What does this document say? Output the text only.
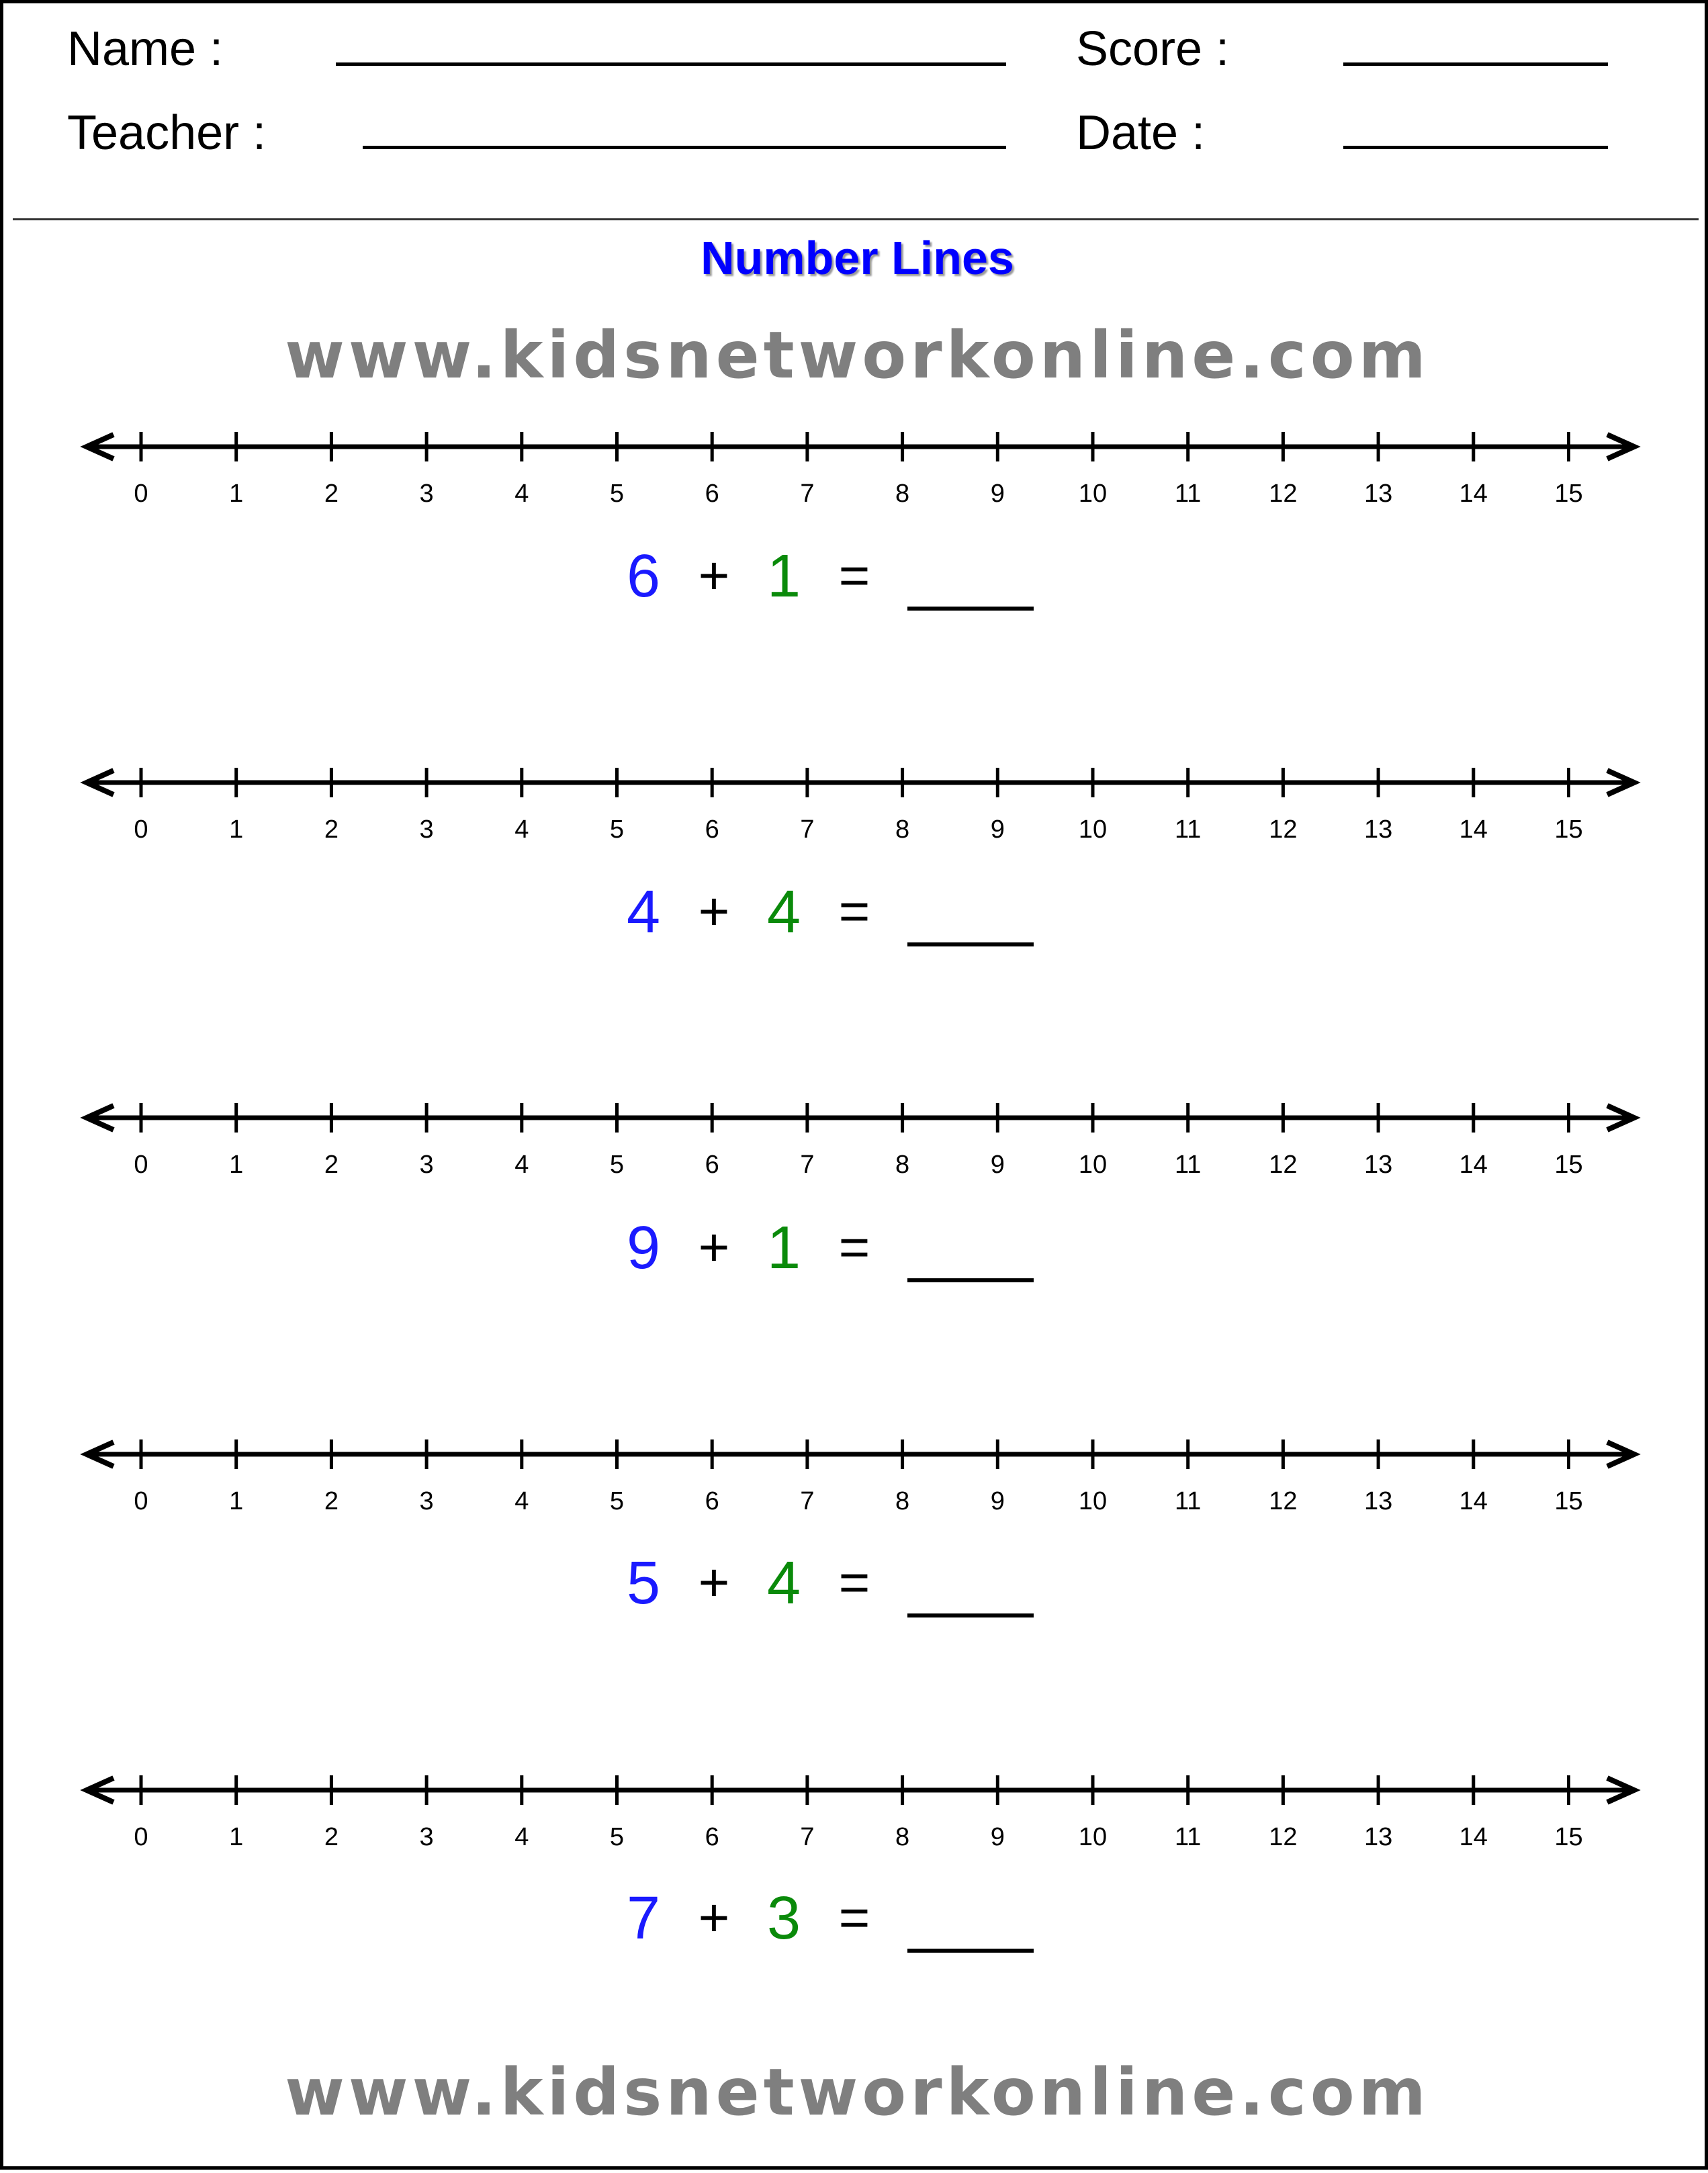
Name :	Score :
Teacher :	Date :
Number Lines
www.kidsnetworkonline.com
0	1	2	3	4	5	6	7	8	9	10	11	12	13	14	15
0	1	2	3	4	5	6	7	8	9	10	11	12	13	14	15
0	1	2	3	4	5	6	7	8	9	10	11	12	13	14	15
0	1	2	3	4	5	6	7	8	9	10	11	12	13	14	15
0	1	2	3	4	5	6	7	8	9	10	11	12	13	14	15
6 + 1 =
4 + 4 =
9 + 1 =
5 + 4 =
7 + 3 =
www.kidsnetworkonline.com
